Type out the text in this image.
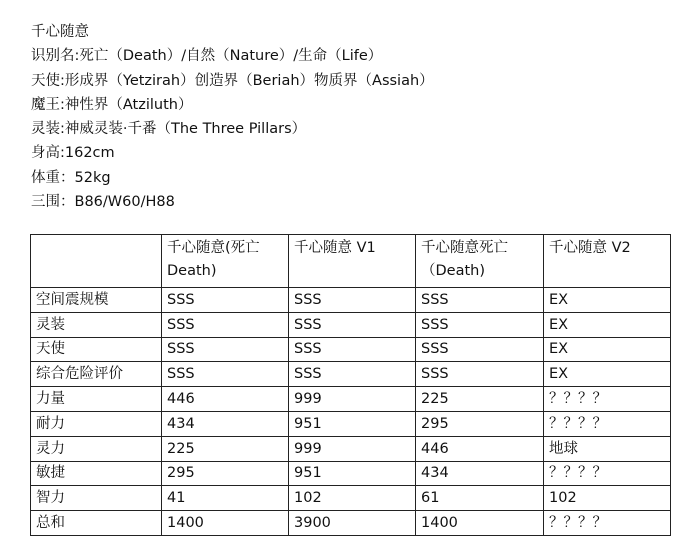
千心随意
识别名:死亡（Death）/自然（Nature）/生命（Life）
天使:形成界（Yetzirah）创造界（Beriah）物质界（Assiah）
魔王:神性界（Atziluth）
灵装:神威灵装·千番（The Three Pillars）
身高:162cm
体重：52kg
三围：B86/W60/H88
	千心随意(死亡Death)	千心随意 V1	千心随意死亡（Death)	千心随意 V2
空间震规模	SSS	SSS	SSS	EX
灵装	SSS	SSS	SSS	EX
天使	SSS	SSS	SSS	EX
综合危险评价	SSS	SSS	SSS	EX
力量	446	999	225	？？？？
耐力	434	951	295	？？？？
灵力	225	999	446	地球
敏捷	295	951	434	？？？？
智力	41	102	61	102
总和	1400	3900	1400	？？？？
